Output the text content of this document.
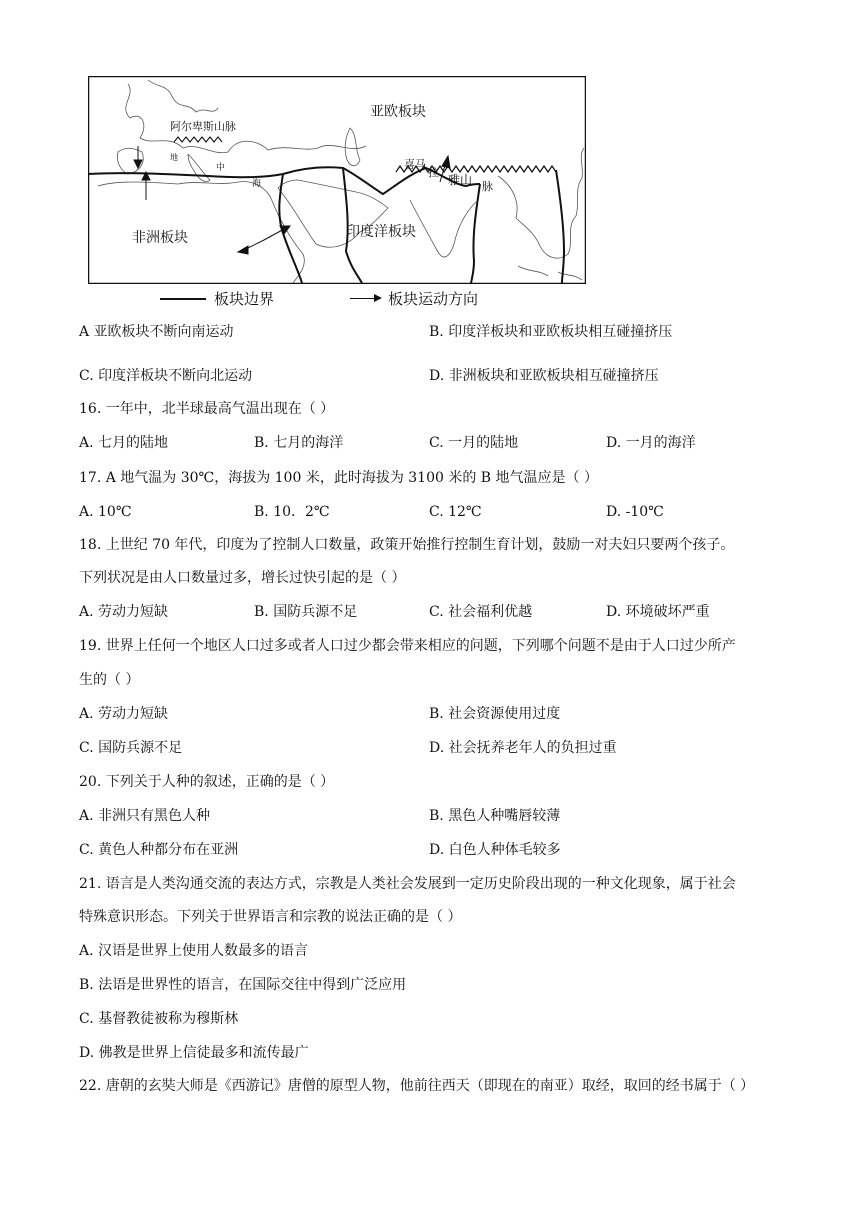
亚欧板块
阿尔卑斯山脉
喜马
拉
雅山 脉
非洲板块	印度洋板块
地
中
海
板块边界	板块运动方向
A 亚欧板块不断向南运动	B. 印度洋板块和亚欧板块相互碰撞挤压
C. 印度洋板块不断向北运动	D. 非洲板块和亚欧板块相互碰撞挤压
16. 一年中，北半球最高气温出现在（ ）
A. 七月的陆地	B. 七月的海洋	C. 一月的陆地	D. 一月的海洋
17. A 地气温为 30℃，海拔为 100 米，此时海拔为 3100 米的 B 地气温应是（ ）
A. 10℃	B. 10．2℃	C. 12℃	D. -10℃
18. 上世纪 70 年代，印度为了控制人口数量，政策开始推行控制生育计划，鼓励一对夫妇只要两个孩子。
下列状况是由人口数量过多，增长过快引起的是（ ）
A. 劳动力短缺	B. 国防兵源不足	C. 社会福利优越	D. 环境破坏严重
19. 世界上任何一个地区人口过多或者人口过少都会带来相应的问题，下列哪个问题不是由于人口过少所产
生的（ ）
A. 劳动力短缺	B. 社会资源使用过度
C. 国防兵源不足	D. 社会抚养老年人的负担过重
20. 下列关于人种的叙述，正确的是（ ）
A. 非洲只有黑色人种	B. 黑色人种嘴唇较薄
C. 黄色人种都分布在亚洲	D. 白色人种体毛较多
21. 语言是人类沟通交流的表达方式，宗教是人类社会发展到一定历史阶段出现的一种文化现象，属于社会
特殊意识形态。下列关于世界语言和宗教的说法正确的是（ ）
A. 汉语是世界上使用人数最多的语言
B. 法语是世界性的语言，在国际交往中得到广泛应用
C. 基督教徒被称为穆斯林
D. 佛教是世界上信徒最多和流传最广
22. 唐朝的玄奘大师是《西游记》唐僧的原型人物，他前往西天（即现在的南亚）取经，取回的经书属于（ ）
